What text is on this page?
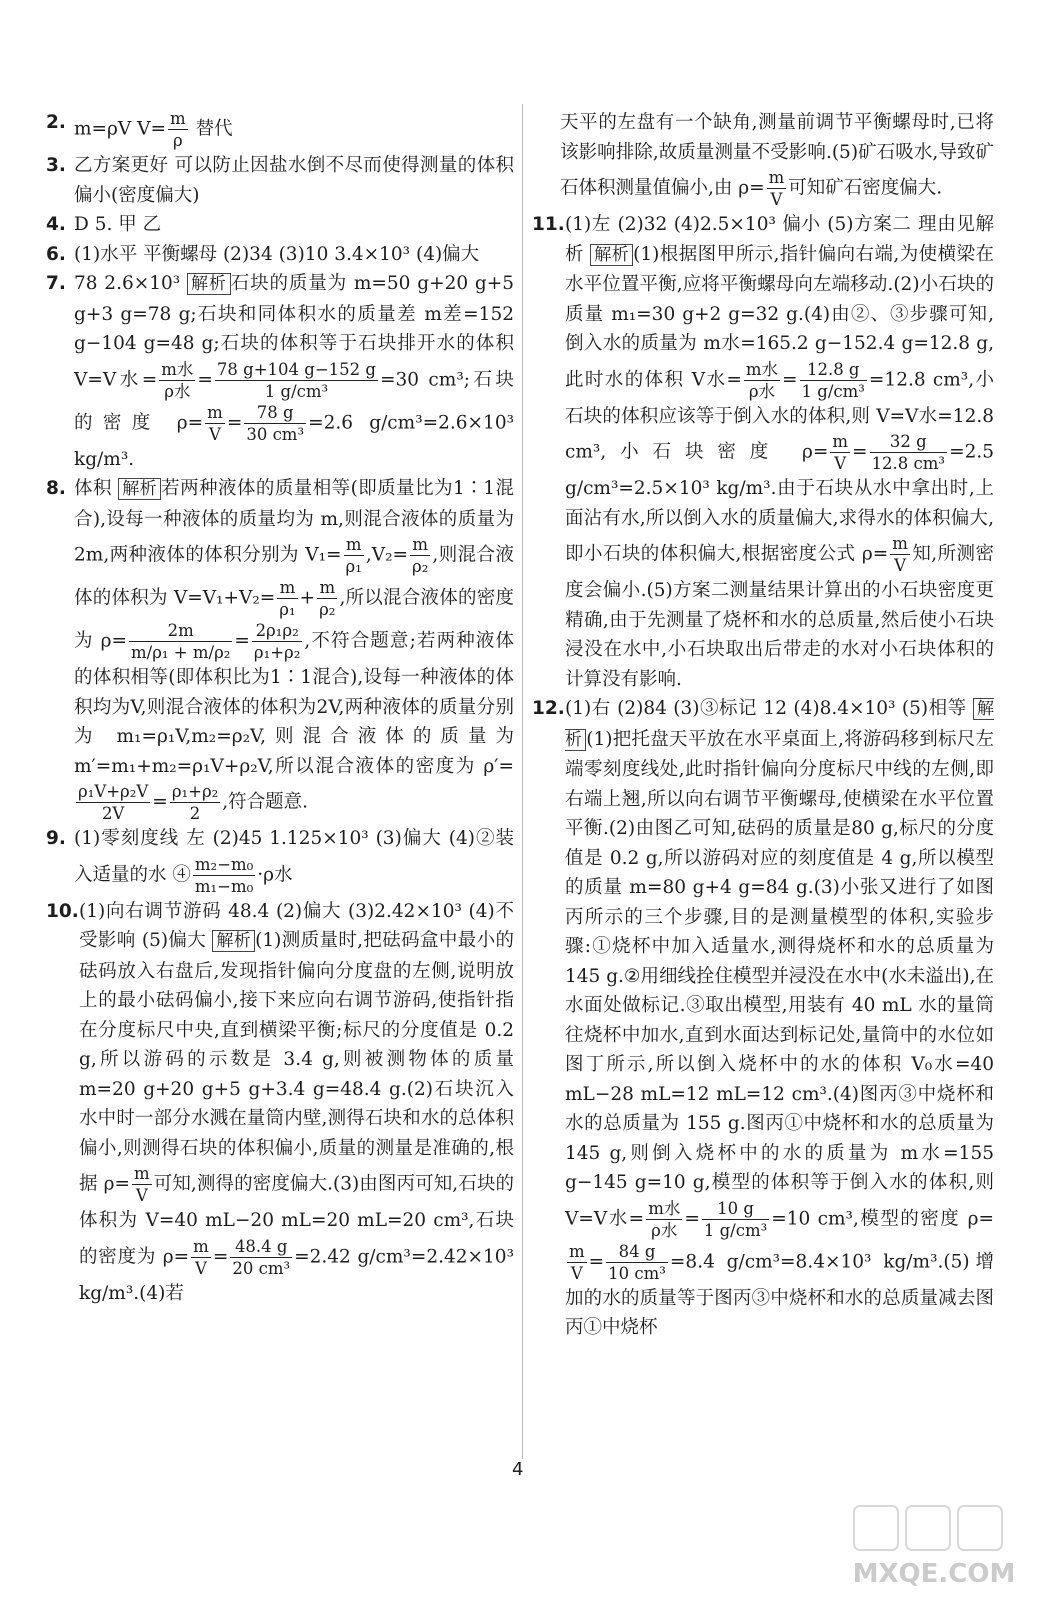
2. m=ρV $V= \frac{m}{\rho}$ 替代
3. 乙方案更好 可以防止因盐水倒不尽而使得测量的体积偏小(密度偏大)
4. D 5. 甲 乙
6. (1)水平 平衡螺母 (2)34 (3)10 3.4×10³ (4)偏大
7. 78 2.6×10³ 解析 石块的质量为 m=50 g+20 g+5 g+3 g=78 g;石块和同体积水的质量差 m差=152 g−104 g=48 g;石块的体积等于石块排开水的体积 V=V水= $\frac{\text{m水}}{\text{ρ水}} = \frac{78 g+104 g-152 g}{\text{1 g/cm³}} =30$ cm³;石块的密度 $\rho= \frac{m}{V} = \frac{78 g}{\text{30 cm³}} =2.6$ g/cm³=2.6×10³ kg/m³.
8. 体积 解析 若两种液体的质量相等(即质量比为1∶1混合),设每一种液体的质量均为 m,则混合液体的质量为 2m,两种液体的体积分别为 $V_1= \frac{m}{\text{ρ₁}} ,V_2= \frac{m}{\text{ρ₂}}$ ,则混合液体的体积为 $V=V_1+V_2= \frac{m}{\text{ρ₁}} + \frac{m}{\text{ρ₂}}$ ,所以混合液体的密度为 $\rho= \frac{2m}{\text{m/ρ₁ + m/ρ₂}} = \frac{\text{2ρ₁ρ₂}}{\text{ρ₁+ρ₂}}$ ,不符合题意;若两种液体的体积相等(即体积比为1∶1混合),设每一种液体的体积均为V,则混合液体的体积为2V,两种液体的质量分别为 m₁=ρ₁V,m₂=ρ₂V,则混合液体的质量为 m′=m₁+m₂=ρ₁V+ρ₂V,所以混合液体的密度为 ρ′=
$\frac{\text{ρ₁V+ρ₂V}}{2V} = \frac{\text{ρ₁+ρ₂}}{2}$ ,符合题意.
9. (1)零刻度线 左 (2)45 1.125×10³ (3)偏大 (4)②装入适量的水 ④ $\frac{\text{m₂−m₀}}{\text{m₁−m₀}} \cdot\rho$水
10. (1)向右调节游码 48.4 (2)偏大 (3)2.42×10³ (4)不受影响 (5)偏大 解析 (1)测质量时,把砝码盒中最小的砝码放入右盘后,发现指针偏向分度盘的左侧,说明放上的最小砝码偏小,接下来应向右调节游码,使指针指在分度标尺中央,直到横梁平衡;标尺的分度值是 0.2 g,所以游码的示数是 3.4 g,则被测物体的质量 m=20 g+20 g+5 g+3.4 g=48.4 g.(2)石块沉入水中时一部分水溅在量筒内壁,测得石块和水的总体积偏小,则测得石块的体积偏小,质量的测量是准确的,根据 $\rho= \frac{m}{V}$ 可知,测得的密度偏大.(3)由图丙可知,石块的体积为 V=40 mL−20 mL=20 mL=20 cm³,石块的密度为 $\rho= \frac{m}{V} = \frac{48.4 g}{\text{20 cm³}} =2.42$ g/cm³=2.42×10³ kg/m³.(4)若
天平的左盘有一个缺角,测量前调节平衡螺母时,已将该影响排除,故质量测量不受影响.(5)矿石吸水,导致矿石体积测量值偏小,由 $\rho= \frac{m}{V}$ 可知矿石密度偏大.
11. (1)左 (2)32 (4)2.5×10³ 偏小 (5)方案二 理由见解析 解析 (1)根据图甲所示,指针偏向右端,为使横梁在水平位置平衡,应将平衡螺母向左端移动.(2)小石块的质量 m₁=30 g+2 g=32 g.(4)由②、③步骤可知,倒入水的质量为 m水=165.2 g−152.4 g=12.8 g,此时水的体积 V水= $\frac{\text{m水}}{\text{ρ水}} = \frac{12.8 g}{\text{1 g/cm³}} =12.8$ cm³,小石块的体积应该等于倒入水的体积,则 V=V水=12.8 cm³,小石块密度 $\rho= \frac{m}{V} = \frac{32 g}{\text{12.8 cm³}} =2.5$ g/cm³=2.5×10³ kg/m³.由于石块从水中拿出时,上面沾有水,所以倒入水的质量偏大,求得水的体积偏大,即小石块的体积偏大,根据密度公式 $\rho= \frac{m}{V}$ 知,所测密度会偏小.(5)方案二测量结果计算出的小石块密度更精确,由于先测量了烧杯和水的总质量,然后使小石块浸没在水中,小石块取出后带走的水对小石块体积的计算没有影响.
12. (1)右 (2)84 (3)③标记 12 (4)8.4×10³ (5)相等 解析 (1)把托盘天平放在水平桌面上,将游码移到标尺左端零刻度线处,此时指针偏向分度标尺中线的左侧,即右端上翘,所以向右调节平衡螺母,使横梁在水平位置平衡.(2)由图乙可知,砝码的质量是80 g,标尺的分度值是 0.2 g,所以游码对应的刻度值是 4 g,所以模型的质量 m=80 g+4 g=84 g.(3)小张又进行了如图丙所示的三个步骤,目的是测量模型的体积,实验步骤:①烧杯中加入适量水,测得烧杯和水的总质量为145 g.②用细线拴住模型并浸没在水中(水未溢出),在水面处做标记.③取出模型,用装有 40 mL 水的量筒往烧杯中加水,直到水面达到标记处,量筒中的水位如图丁所示,所以倒入烧杯中的水的体积 V₀水=40 mL−28 mL=12 mL=12 cm³.(4)图丙③中烧杯和水的总质量为 155 g.图丙①中烧杯和水的总质量为 145 g,则倒入烧杯中的水的质量为 m水=155 g−145 g=10 g,模型的体积等于倒入水的体积,则 V=V水= $\frac{\text{m水}}{\text{ρ水}} = \frac{10 g}{\text{1 g/cm³}} =10$ cm³,模型的密度 ρ=
$\frac{m}{V} = \frac{84 g}{\text{10 cm³}} =8.4$ g/cm³=8.4×10³ kg/m³.(5)增加的水的质量等于图丙③中烧杯和水的总质量减去图丙①中烧杯
4
MXQE.COM
